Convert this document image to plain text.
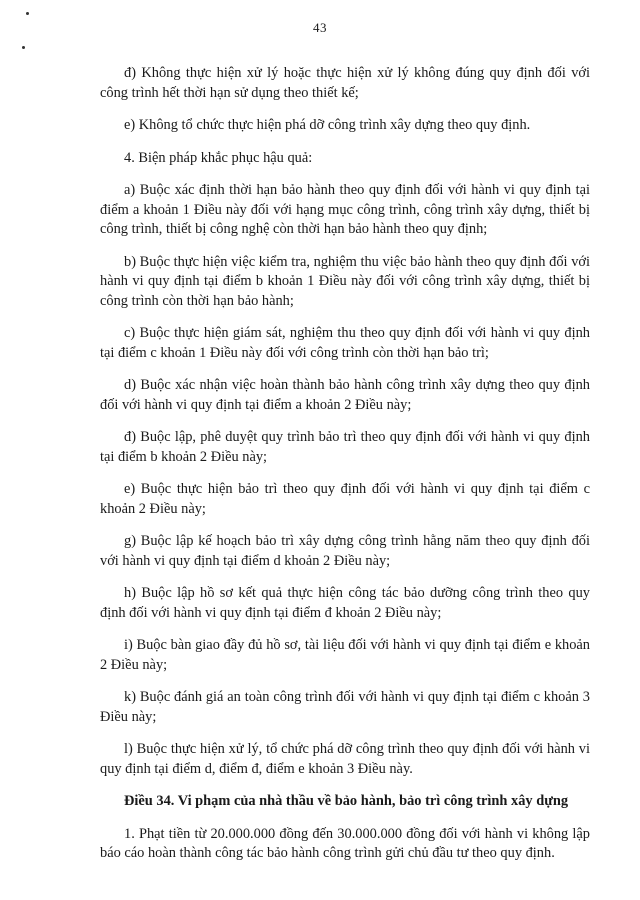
43

đ) Không thực hiện xử lý hoặc thực hiện xử lý không đúng quy định đối với công trình hết thời hạn sử dụng theo thiết kế;

e) Không tổ chức thực hiện phá dỡ công trình xây dựng theo quy định.

4. Biện pháp khắc phục hậu quả:

a) Buộc xác định thời hạn bảo hành theo quy định đối với hành vi quy định tại điểm a khoản 1 Điều này đối với hạng mục công trình, công trình xây dựng, thiết bị công trình, thiết bị công nghệ còn thời hạn bảo hành theo quy định;

b) Buộc thực hiện việc kiểm tra, nghiệm thu việc bảo hành theo quy định đối với hành vi quy định tại điểm b khoản 1 Điều này đối với công trình xây dựng, thiết bị công trình còn thời hạn bảo hành;

c) Buộc thực hiện giám sát, nghiệm thu theo quy định đối với hành vi quy định tại điểm c khoản 1 Điều này đối với công trình còn thời hạn bảo trì;

d) Buộc xác nhận việc hoàn thành bảo hành công trình xây dựng theo quy định đối với hành vi quy định tại điểm a khoản 2 Điều này;

đ) Buộc lập, phê duyệt quy trình bảo trì theo quy định đối với hành vi quy định tại điểm b khoản 2 Điều này;

e) Buộc thực hiện bảo trì theo quy định đối với hành vi quy định tại điểm c khoản 2 Điều này;

g) Buộc lập kế hoạch bảo trì xây dựng công trình hằng năm theo quy định đối với hành vi quy định tại điểm d khoản 2 Điều này;

h) Buộc lập hồ sơ kết quả thực hiện công tác bảo dưỡng công trình theo quy định đối với hành vi quy định tại điểm đ khoản 2 Điều này;

i) Buộc bàn giao đầy đủ hồ sơ, tài liệu đối với hành vi quy định tại điểm e khoản 2 Điều này;

k) Buộc đánh giá an toàn công trình đối với hành vi quy định tại điểm c khoản 3 Điều này;

l) Buộc thực hiện xử lý, tổ chức phá dỡ công trình theo quy định đối với hành vi quy định tại điểm d, điểm đ, điểm e khoản 3 Điều này.

Điều 34. Vi phạm của nhà thầu về bảo hành, bảo trì công trình xây dựng

1. Phạt tiền từ 20.000.000 đồng đến 30.000.000 đồng đối với hành vi không lập báo cáo hoàn thành công tác bảo hành công trình gửi chủ đầu tư theo quy định.
